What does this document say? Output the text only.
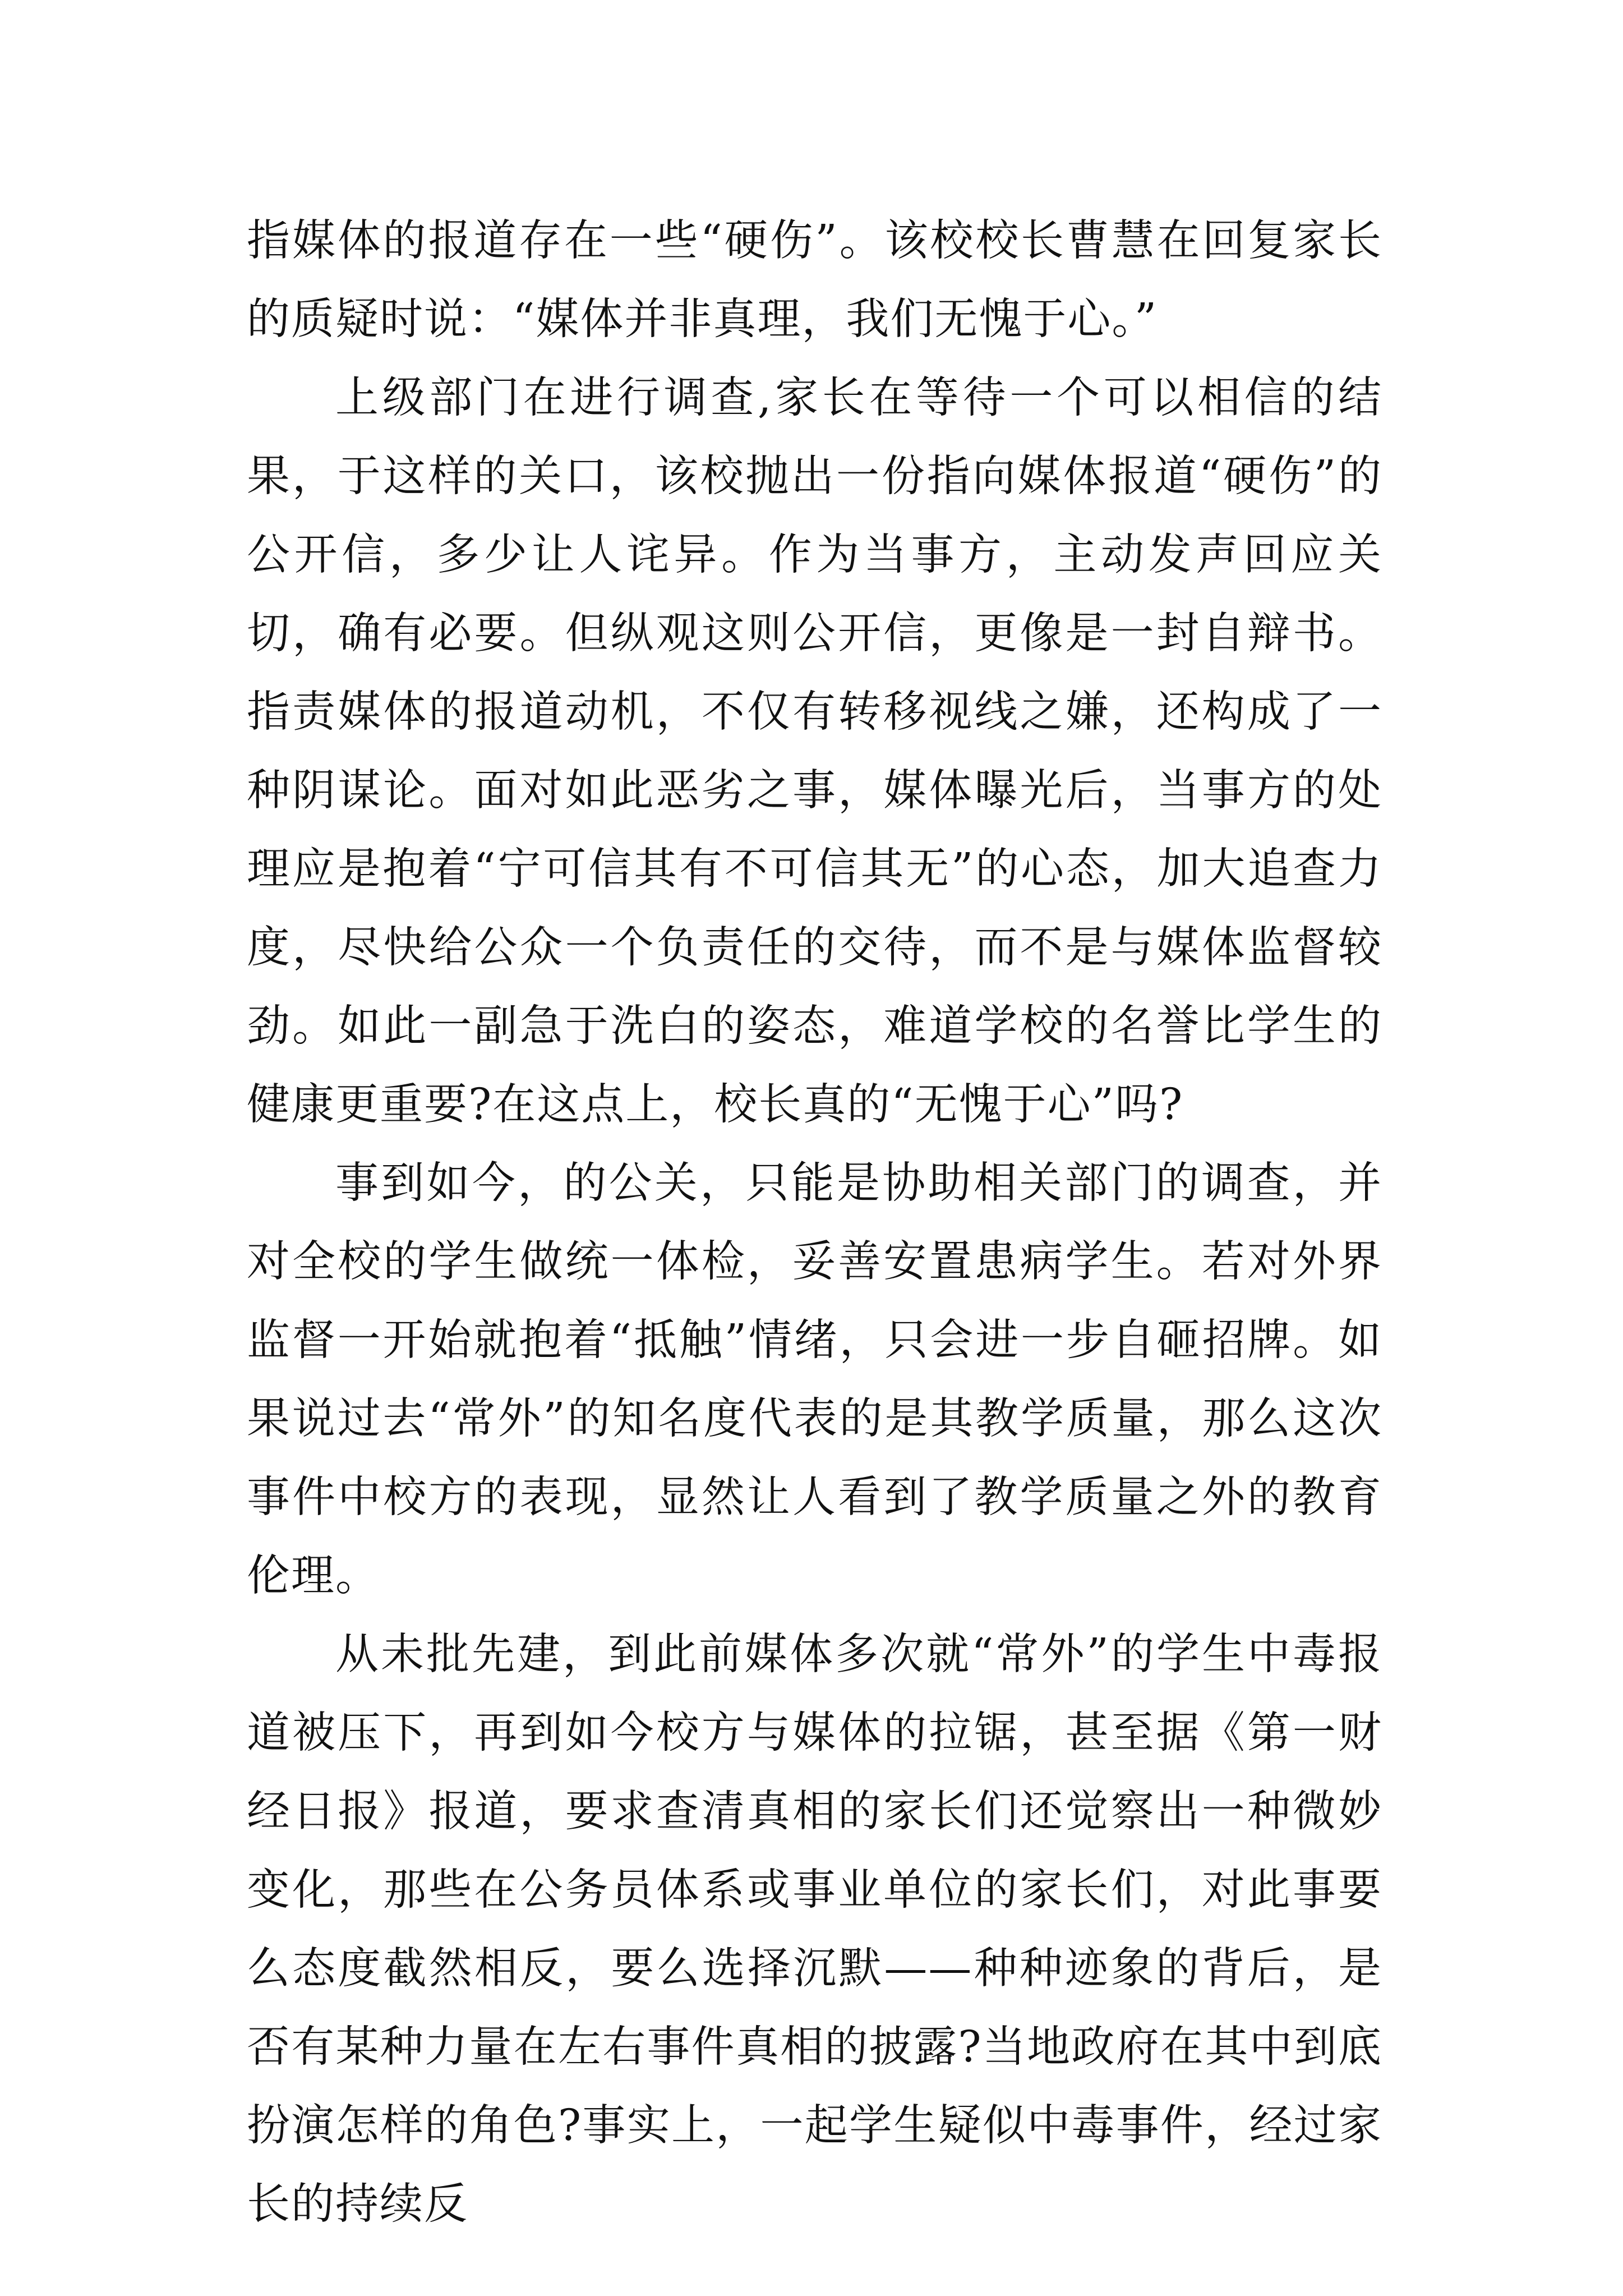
指媒体的报道存在一些“硬伤”。该校校长曹慧在回复家长的质疑时说：“媒体并非真理，我们无愧于心。”

上级部门在进行调查,家长在等待一个可以相信的结果，于这样的关口，该校抛出一份指向媒体报道“硬伤”的公开信，多少让人诧异。作为当事方，主动发声回应关切，确有必要。但纵观这则公开信，更像是一封自辩书。指责媒体的报道动机，不仅有转移视线之嫌，还构成了一种阴谋论。面对如此恶劣之事，媒体曝光后，当事方的处理应是抱着“宁可信其有不可信其无”的心态，加大追查力度，尽快给公众一个负责任的交待，而不是与媒体监督较劲。如此一副急于洗白的姿态，难道学校的名誉比学生的健康更重要?在这点上，校长真的“无愧于心”吗?

事到如今，的公关，只能是协助相关部门的调查，并对全校的学生做统一体检，妥善安置患病学生。若对外界监督一开始就抱着“抵触”情绪，只会进一步自砸招牌。如果说过去“常外”的知名度代表的是其教学质量，那么这次事件中校方的表现，显然让人看到了教学质量之外的教育伦理。

从未批先建，到此前媒体多次就“常外”的学生中毒报道被压下，再到如今校方与媒体的拉锯，甚至据《第一财经日报》报道，要求查清真相的家长们还觉察出一种微妙变化，那些在公务员体系或事业单位的家长们，对此事要么态度截然相反，要么选择沉默——种种迹象的背后，是否有某种力量在左右事件真相的披露?当地政府在其中到底扮演怎样的角色?事实上，一起学生疑似中毒事件，经过家长的持续反
